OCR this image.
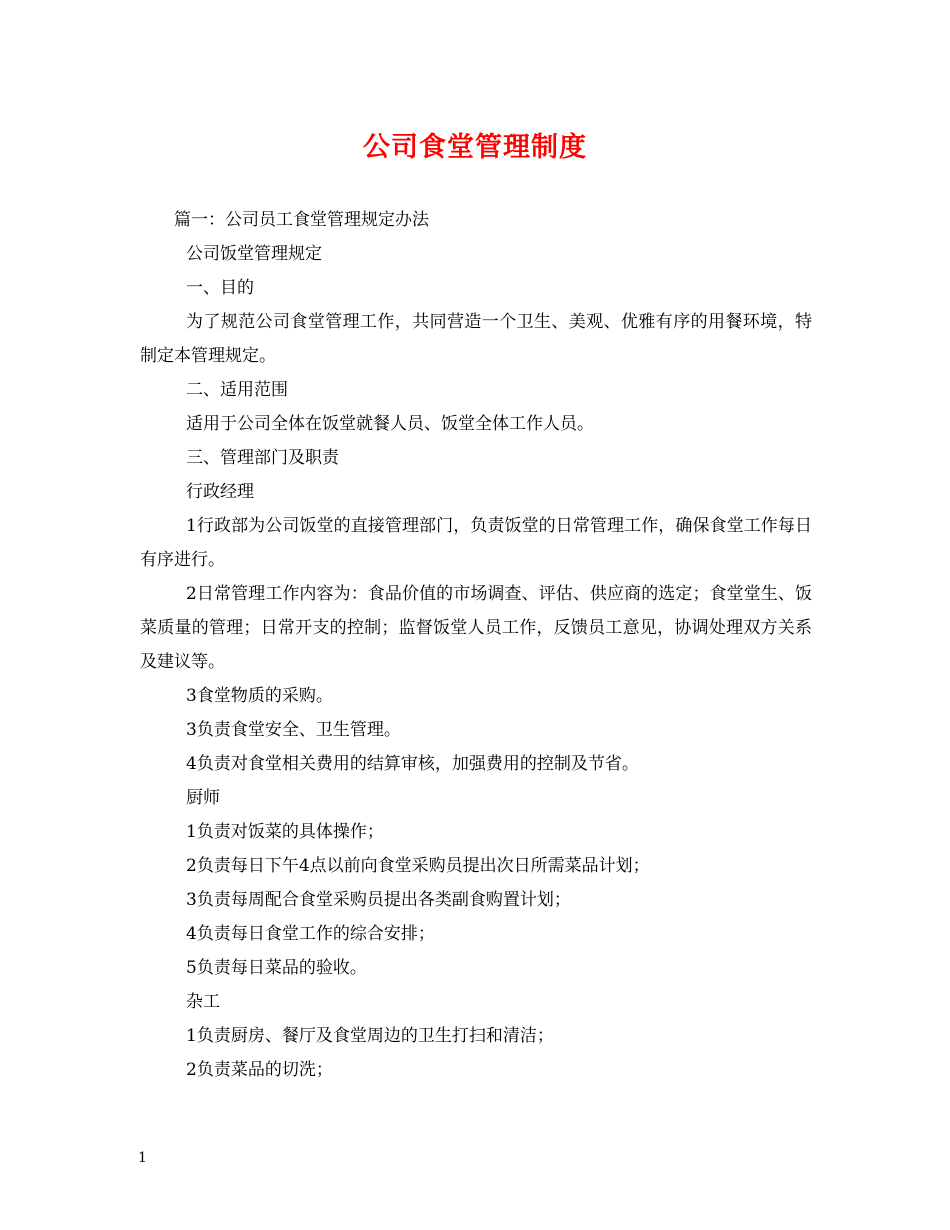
公司食堂管理制度

篇一：公司员工食堂管理规定办法

公司饭堂管理规定

一、目的

为了规范公司食堂管理工作，共同营造一个卫生、美观、优雅有序的用餐环境，特制定本管理规定。

二、适用范围

适用于公司全体在饭堂就餐人员、饭堂全体工作人员。

三、管理部门及职责

行政经理

1行政部为公司饭堂的直接管理部门，负责饭堂的日常管理工作，确保食堂工作每日有序进行。

2日常管理工作内容为：食品价值的市场调查、评估、供应商的选定；食堂堂生、饭菜质量的管理；日常开支的控制；监督饭堂人员工作，反馈员工意见，协调处理双方关系及建议等。

3食堂物质的采购。

3负责食堂安全、卫生管理。

4负责对食堂相关费用的结算审核，加强费用的控制及节省。

厨师

1负责对饭菜的具体操作；

2负责每日下午4点以前向食堂采购员提出次日所需菜品计划；

3负责每周配合食堂采购员提出各类副食购置计划；

4负责每日食堂工作的综合安排；

5负责每日菜品的验收。

杂工

1负责厨房、餐厅及食堂周边的卫生打扫和清洁；

2负责菜品的切洗；

1
